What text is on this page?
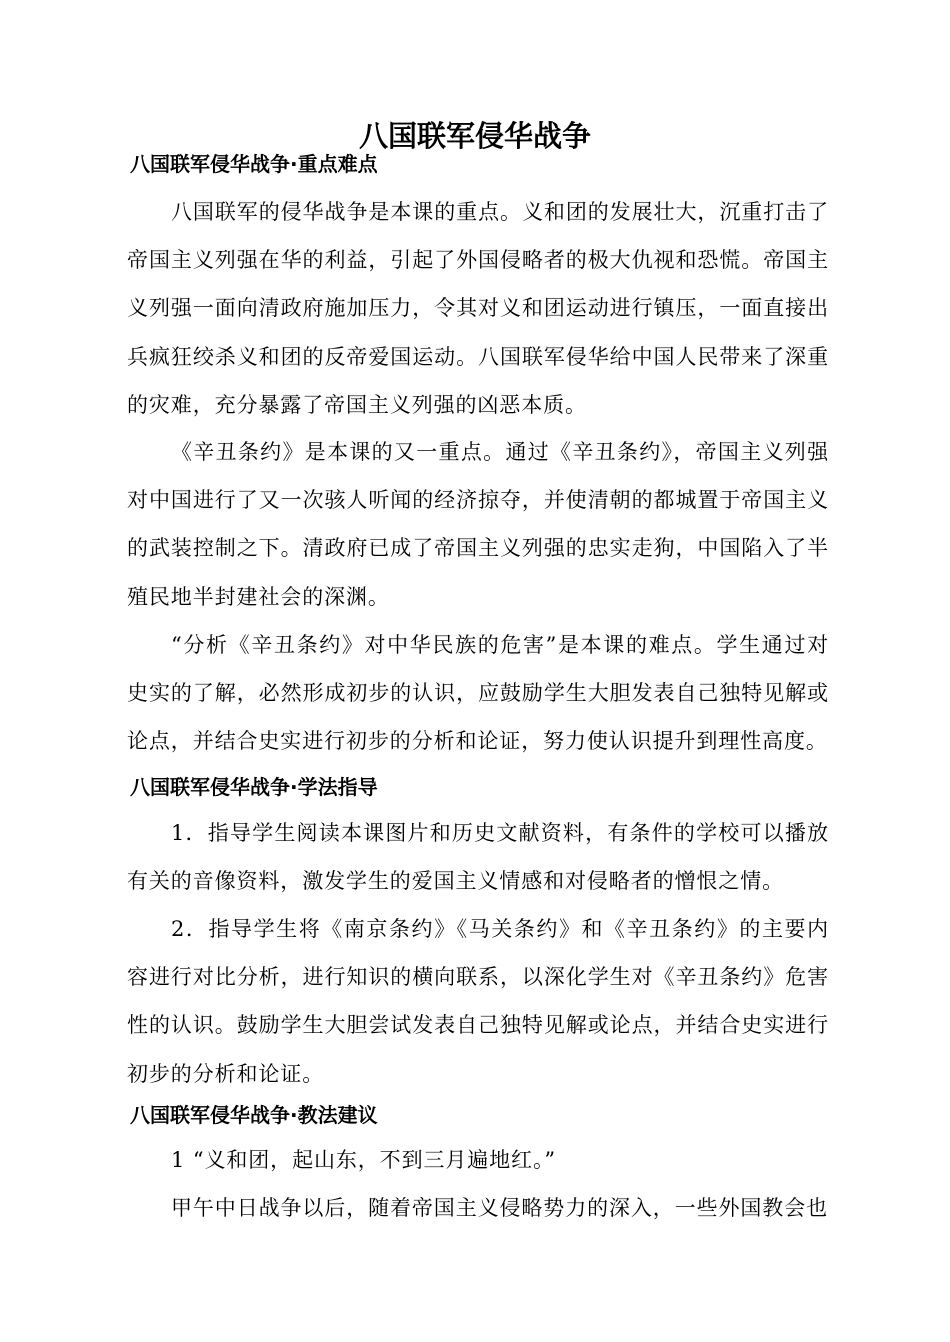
八国联军侵华战争
八国联军侵华战争·重点难点

八国联军的侵华战争是本课的重点。义和团的发展壮大，沉重打击了帝国主义列强在华的利益，引起了外国侵略者的极大仇视和恐慌。帝国主义列强一面向清政府施加压力，令其对义和团运动进行镇压，一面直接出兵疯狂绞杀义和团的反帝爱国运动。八国联军侵华给中国人民带来了深重的灾难，充分暴露了帝国主义列强的凶恶本质。

《辛丑条约》是本课的又一重点。通过《辛丑条约》，帝国主义列强对中国进行了又一次骇人听闻的经济掠夺，并使清朝的都城置于帝国主义的武装控制之下。清政府已成了帝国主义列强的忠实走狗，中国陷入了半殖民地半封建社会的深渊。

“分析《辛丑条约》对中华民族的危害”是本课的难点。学生通过对史实的了解，必然形成初步的认识，应鼓励学生大胆发表自己独特见解或论点，并结合史实进行初步的分析和论证，努力使认识提升到理性高度。

八国联军侵华战争·学法指导

1．指导学生阅读本课图片和历史文献资料，有条件的学校可以播放有关的音像资料，激发学生的爱国主义情感和对侵略者的憎恨之情。

2．指导学生将《南京条约》《马关条约》和《辛丑条约》的主要内容进行对比分析，进行知识的横向联系，以深化学生对《辛丑条约》危害性的认识。鼓励学生大胆尝试发表自己独特见解或论点，并结合史实进行初步的分析和论证。

八国联军侵华战争·教法建议

1 “义和团，起山东，不到三月遍地红。”

甲午中日战争以后，随着帝国主义侵略势力的深入，一些外国教会也
